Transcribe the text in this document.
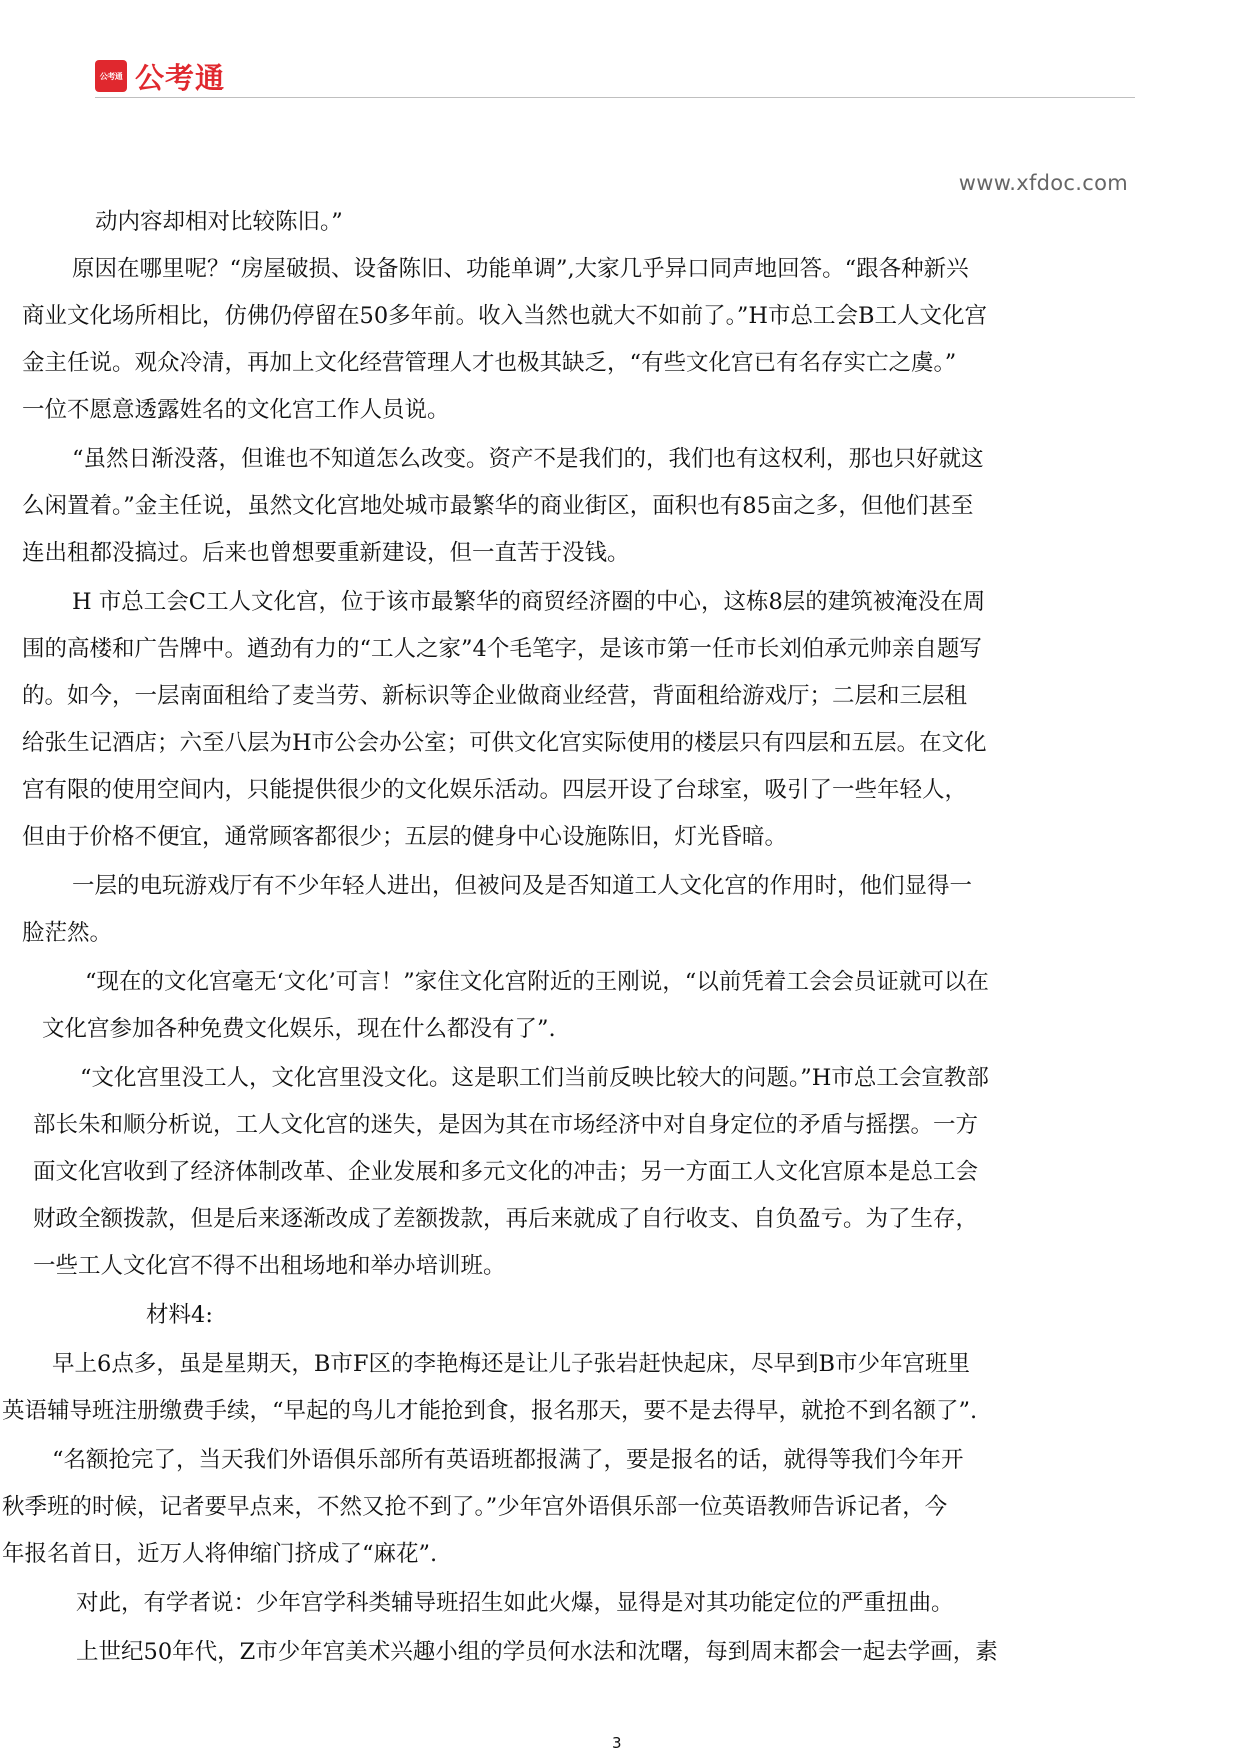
公考通 公考通
www.xfdoc.com
动内容却相对比较陈旧。”
原因在哪里呢？“房屋破损、设备陈旧、功能单调”,大家几乎异口同声地回答。“跟各种新兴
商业文化场所相比，仿佛仍停留在50多年前。收入当然也就大不如前了。”H市总工会B工人文化宫
金主任说。观众冷清，再加上文化经营管理人才也极其缺乏，“有些文化宫已有名存实亡之虞。”
一位不愿意透露姓名的文化宫工作人员说。
“虽然日渐没落，但谁也不知道怎么改变。资产不是我们的，我们也有这权利，那也只好就这
么闲置着。”金主任说，虽然文化宫地处城市最繁华的商业街区，面积也有85亩之多，但他们甚至
连出租都没搞过。后来也曾想要重新建设，但一直苦于没钱。
H 市总工会C工人文化宫，位于该市最繁华的商贸经济圈的中心，这栋8层的建筑被淹没在周
围的高楼和广告牌中。遒劲有力的“工人之家”4个毛笔字，是该市第一任市长刘伯承元帅亲自题写
的。如今，一层南面租给了麦当劳、新标识等企业做商业经营，背面租给游戏厅；二层和三层租
给张生记酒店；六至八层为H市公会办公室；可供文化宫实际使用的楼层只有四层和五层。在文化
宫有限的使用空间内，只能提供很少的文化娱乐活动。四层开设了台球室，吸引了一些年轻人，
但由于价格不便宜，通常顾客都很少；五层的健身中心设施陈旧，灯光昏暗。
一层的电玩游戏厅有不少年轻人进出，但被问及是否知道工人文化宫的作用时，他们显得一
脸茫然。
“现在的文化宫毫无‘文化’可言！”家住文化宫附近的王刚说，“以前凭着工会会员证就可以在
文化宫参加各种免费文化娱乐，现在什么都没有了”.
“文化宫里没工人，文化宫里没文化。这是职工们当前反映比较大的问题。”H市总工会宣教部
部长朱和顺分析说，工人文化宫的迷失，是因为其在市场经济中对自身定位的矛盾与摇摆。一方
面文化宫收到了经济体制改革、企业发展和多元文化的冲击；另一方面工人文化宫原本是总工会
财政全额拨款，但是后来逐渐改成了差额拨款，再后来就成了自行收支、自负盈亏。为了生存，
一些工人文化宫不得不出租场地和举办培训班。
材料4:
早上6点多，虽是星期天，B市F区的李艳梅还是让儿子张岩赶快起床，尽早到B市少年宫班里
英语辅导班注册缴费手续，“早起的鸟儿才能抢到食，报名那天，要不是去得早，就抢不到名额了”.
“名额抢完了，当天我们外语俱乐部所有英语班都报满了，要是报名的话，就得等我们今年开
秋季班的时候，记者要早点来，不然又抢不到了。”少年宫外语俱乐部一位英语教师告诉记者，今
年报名首日，近万人将伸缩门挤成了“麻花”.
对此，有学者说：少年宫学科类辅导班招生如此火爆，显得是对其功能定位的严重扭曲。
上世纪50年代，Z市少年宫美术兴趣小组的学员何水法和沈曙，每到周末都会一起去学画，素
3
